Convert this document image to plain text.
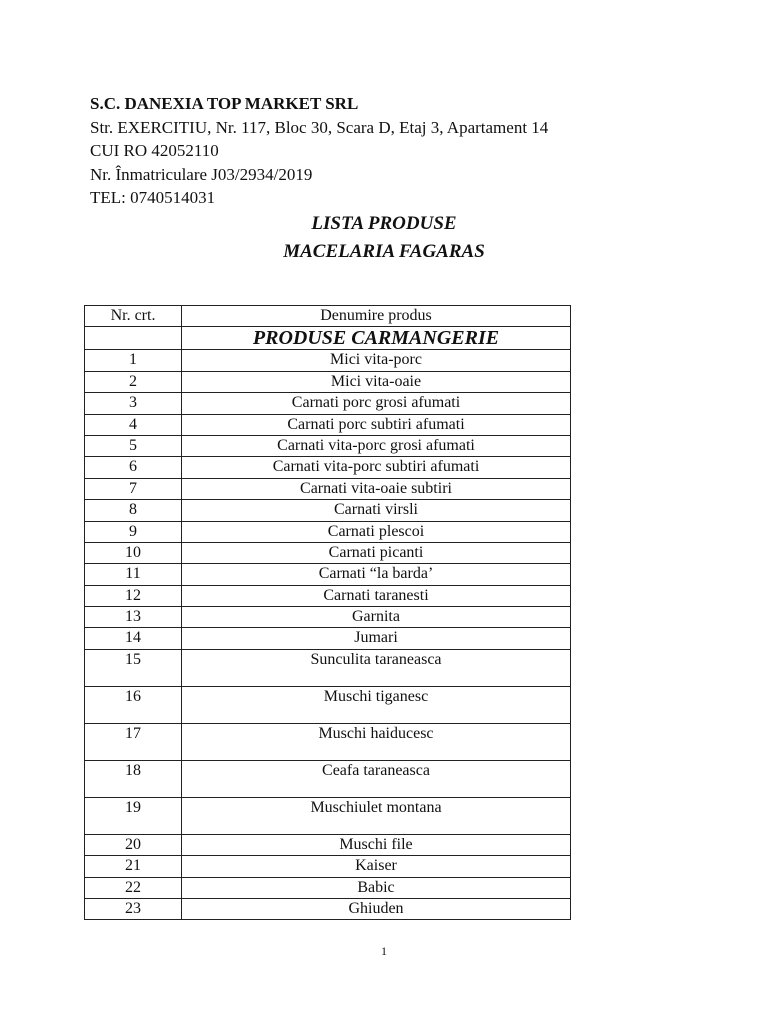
S.C. DANEXIA TOP MARKET SRL
Str. EXERCITIU, Nr. 117, Bloc 30, Scara D, Etaj 3, Apartament 14
CUI RO 42052110
Nr. Înmatriculare J03/2934/2019
TEL: 0740514031
LISTA PRODUSE
MACELARIA FAGARAS
Nr. crt.	Denumire produs
	PRODUSE CARMANGERIE
1	Mici vita-porc
2	Mici vita-oaie
3	Carnati porc grosi afumati
4	Carnati porc subtiri afumati
5	Carnati vita-porc grosi afumati
6	Carnati vita-porc subtiri afumati
7	Carnati vita-oaie subtiri
8	Carnati virsli
9	Carnati plescoi
10	Carnati picanti
11	Carnati “la barda’
12	Carnati taranesti
13	Garnita
14	Jumari
15	Sunculita taraneasca
16	Muschi tiganesc
17	Muschi haiducesc
18	Ceafa taraneasca
19	Muschiulet montana
20	Muschi file
21	Kaiser
22	Babic
23	Ghiuden
1
